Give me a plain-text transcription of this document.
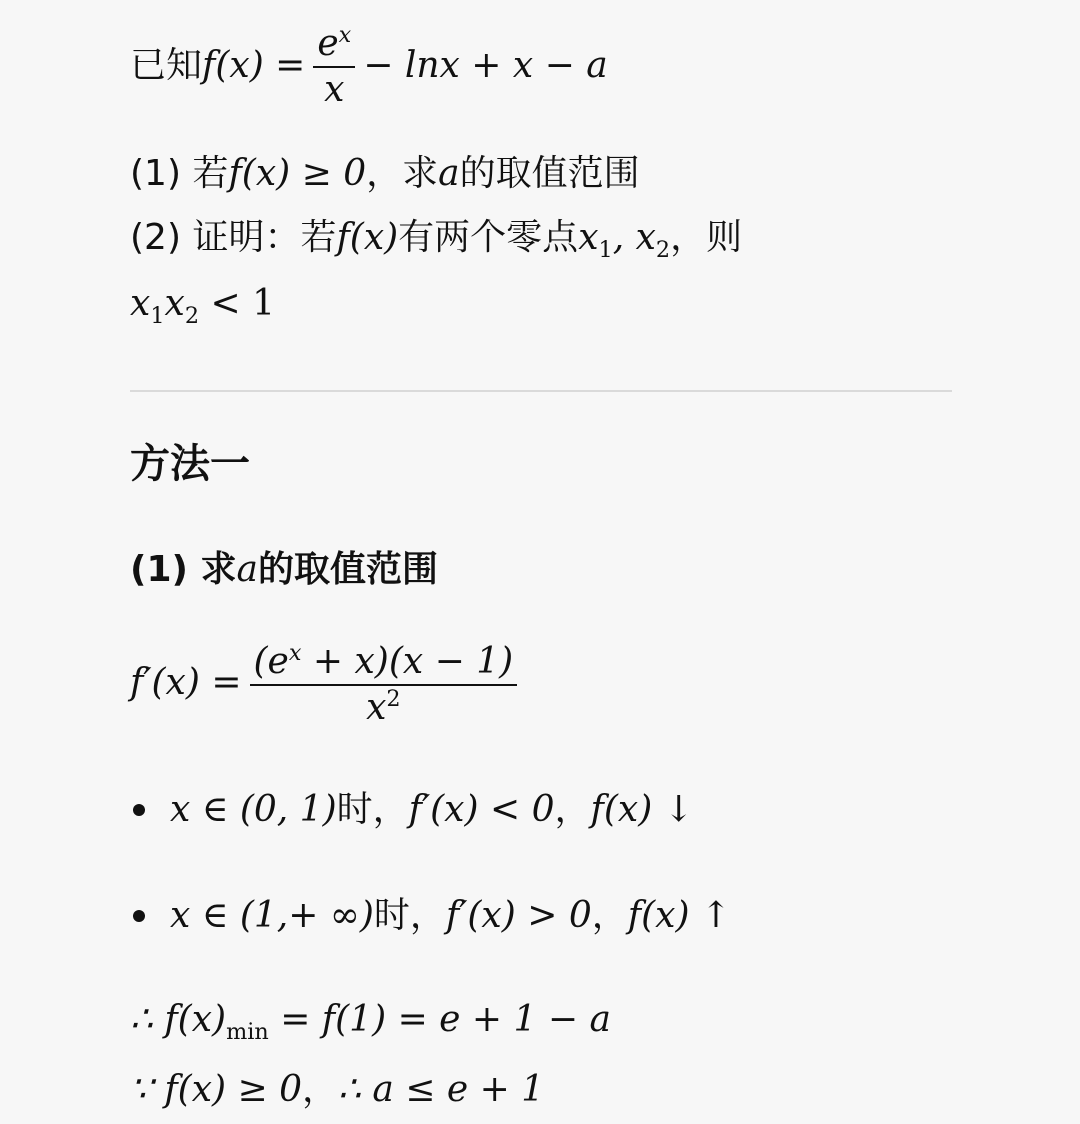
已知$f(x) = \frac{e^x}{x} - \ln x + x - a$
(1) 若f(x) ≥ 0，求a的取值范围
(2) 证明：若f(x)有两个零点$x_1$, $x_2$，则
$x_1x_2 < 1$
方法一
(1) 求a的取值范围
$f'(x) = \frac{(e^x + x)(x - 1)}{x^2}$
x ∈ (0, 1)时，f′(x) < 0，f(x) ↓
x ∈ (1,+ ∞)时，f′(x) > 0，f(x) ↑
∴ $f(x)_{min} = f(1) = e + 1 - a$
∵ f(x) ≥ 0，∴ a ≤ e + 1
